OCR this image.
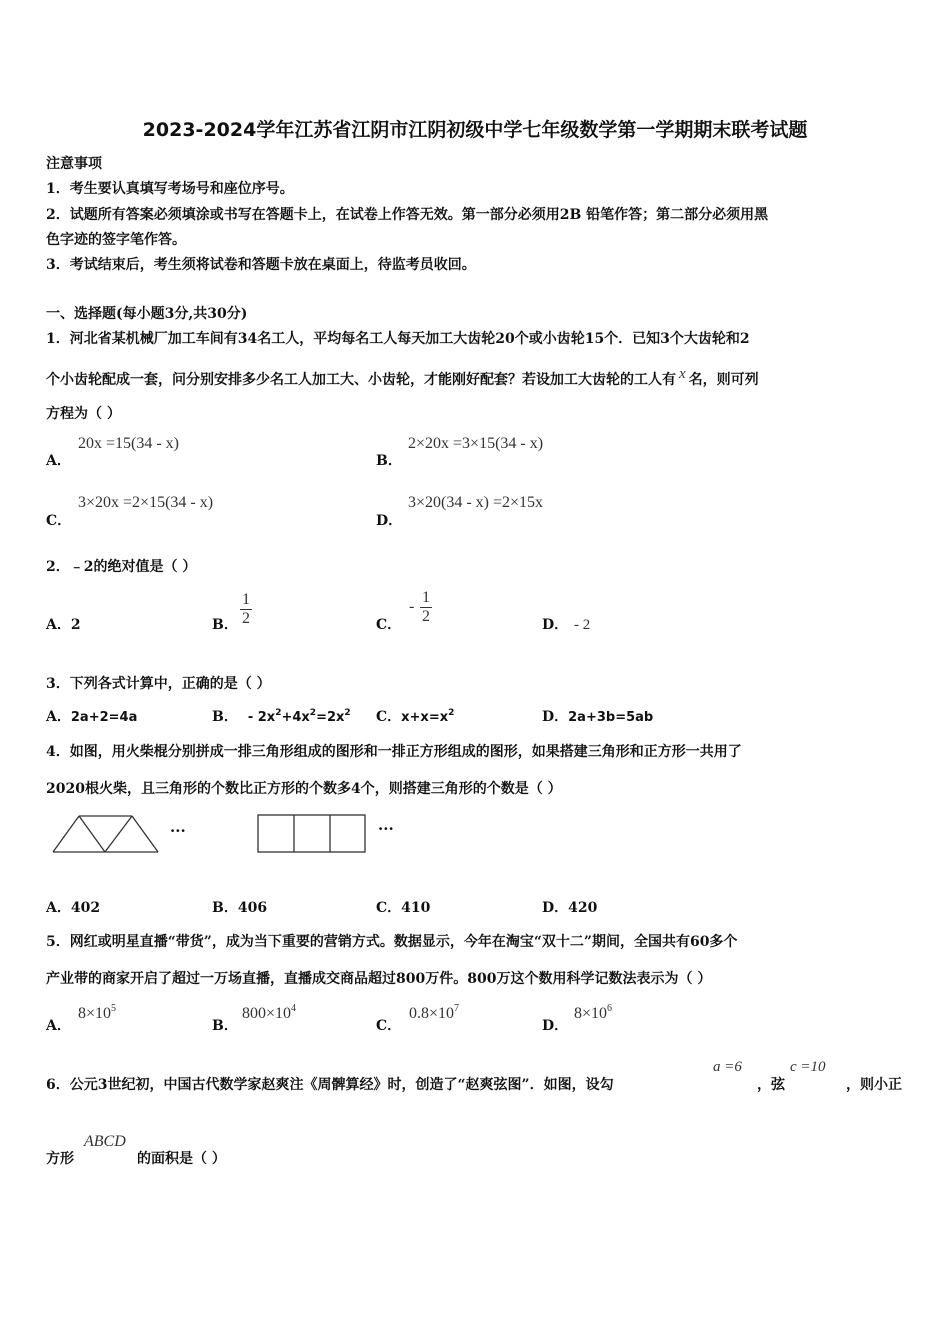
2023-2024学年江苏省江阴市江阴初级中学七年级数学第一学期期末联考试题
注意事项
1．考生要认真填写考场号和座位序号。
2．试题所有答案必须填涂或书写在答题卡上，在试卷上作答无效。第一部分必须用2B 铅笔作答；第二部分必须用黑
色字迹的签字笔作答。
3．考试结束后，考生须将试卷和答题卡放在桌面上，待监考员收回。
一、选择题(每小题3分,共30分)
1．河北省某机械厂加工车间有34名工人，平均每名工人每天加工大齿轮20个或小齿轮15个．已知3个大齿轮和2
个小齿轮配成一套，问分别安排多少名工人加工大、小齿轮，才能刚好配套？若设加工大齿轮的工人有 x 名，则可列
方程为（ ）
A．
20x =15(34 - x)
B．
2×20x =3×15(34 - x)
C．
3×20x =2×15(34 - x)
D．
3×20(34 - x) =2×15x
2．﹣2的绝对值是（ ）
A．2	B． $\frac{1}{2}$	C．
- $\frac{1}{2}$	D． - 2
3．下列各式计算中，正确的是（ ）
A．2a+2=4a	B． - $2x^2+4x^2=2x^2$ C．$x+x=x^2$	D．2a+3b=5ab
4．如图，用火柴棍分别拼成一排三角形组成的图形和一排正方形组成的图形，如果搭建三角形和正方形一共用了
2020根火柴，且三角形的个数比正方形的个数多4个，则搭建三角形的个数是（ ）
···	···
A．402	B．406	C．410	D．420
5．网红或明星直播“带货”，成为当下重要的营销方式。数据显示，今年在淘宝“双十二”期间，全国共有60多个
产业带的商家开启了超过一万场直播，直播成交商品超过800万件。800万这个数用科学记数法表示为（ ）
A．
$8\times 10^5$
B．
$800\times 10^4$
C．
$0.8\times 10^7$
D．
$8\times 10^6$
6．公元3世纪初，中国古代数学家赵爽注《周髀算经》时，创造了“赵爽弦图”．如图，设勾
a =6
，弦
c =10
，则小正
方形
ABCD
的面积是（ ）
